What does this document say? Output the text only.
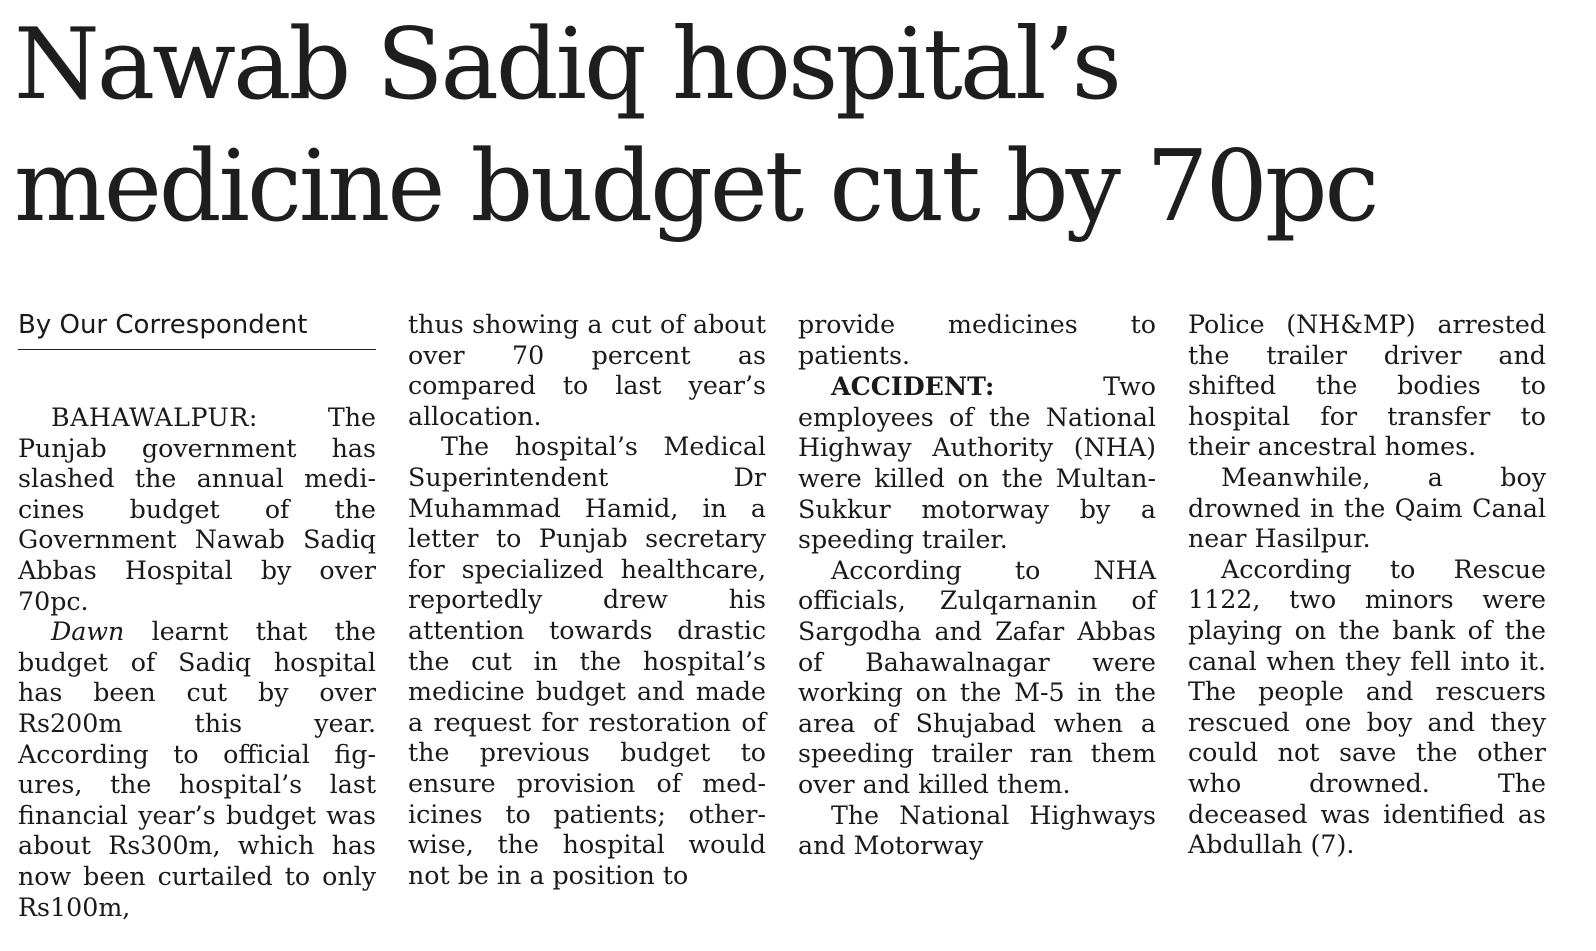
Nawab Sadiq hospital’s
medicine budget cut by 70pc
By Our Correspondent

BAHAWALPUR: The Punjab government has slashed the annual medicines budget of the Government Nawab Sadiq Abbas Hospital by over 70pc.

Dawn learnt that the budget of Sadiq hospital has been cut by over Rs200m this year. According to official figures, the hospital’s last financial year’s budget was about Rs300m, which has now been curtailed to only Rs100m,

thus showing a cut of about over 70 percent as compared to last year’s allocation.

The hospital’s Medical Superintendent Dr Muhammad Hamid, in a letter to Punjab secretary for specialized healthcare, reportedly drew his attention towards drastic the cut in the hospital’s medicine budget and made a request for restoration of the previous budget to ensure provision of medicines to patients; otherwise, the hospital would not be in a position to

provide medicines to patients.

ACCIDENT: Two employees of the National Highway Authority (NHA) were killed on the Multan-Sukkur motorway by a speeding trailer.

According to NHA officials, Zulqarnanin of Sargodha and Zafar Abbas of Bahawalnagar were working on the M-5 in the area of Shujabad when a speeding trailer ran them over and killed them.

The National Highways and Motorway

Police (NH&MP) arrested the trailer driver and shifted the bodies to hospital for transfer to their ancestral homes.

Meanwhile, a boy drowned in the Qaim Canal near Hasilpur.

According to Rescue 1122, two minors were playing on the bank of the canal when they fell into it. The people and rescuers rescued one boy and they could not save the other who drowned. The deceased was identified as Abdullah (7).
